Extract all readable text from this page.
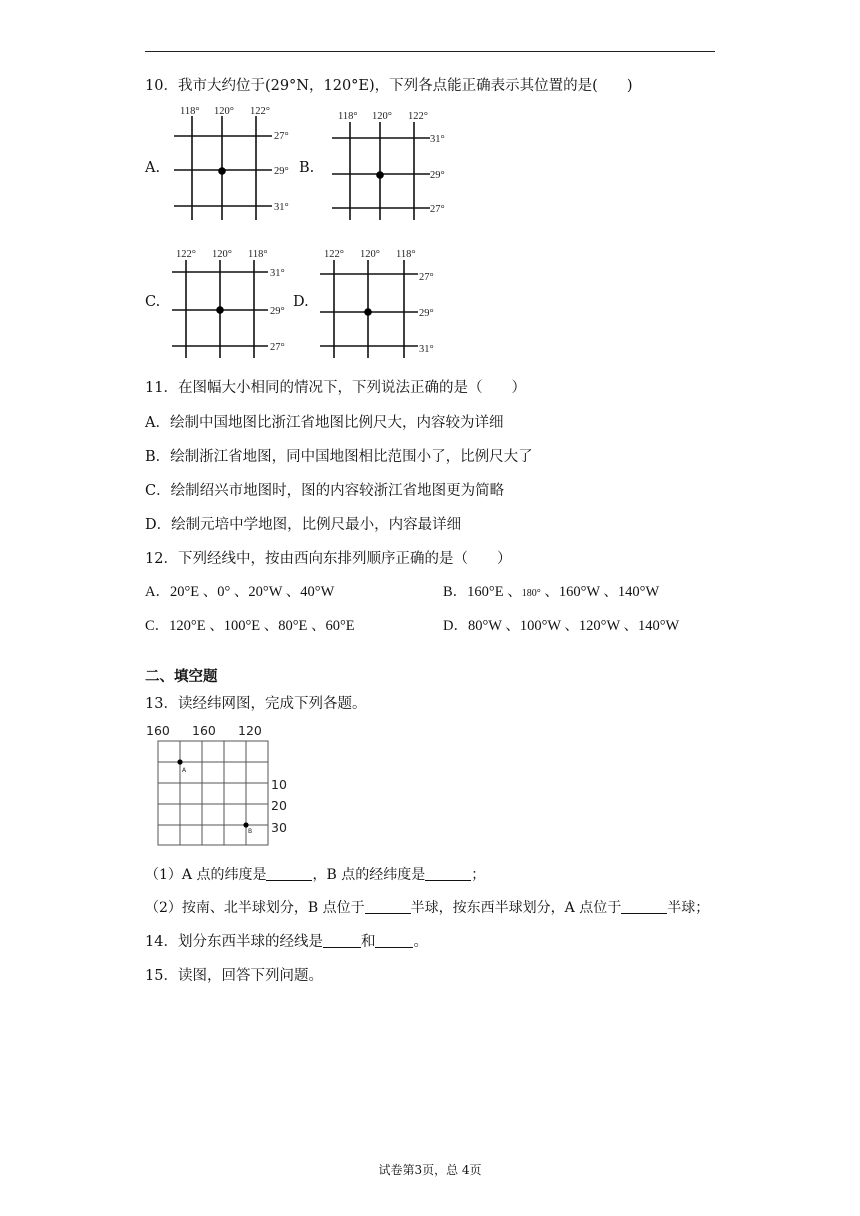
10．我市大约位于(29°N，120°E)，下列各点能正确表示其位置的是(　　)
A.
118° 120° 122°
27°
29°
31°
B.
118° 120° 122°
31°
29°
27°
C.
122° 120° 118°
31°
29°
27°
D.
122° 120° 118°
27°
29°
31°
11．在图幅大小相同的情况下，下列说法正确的是（　　）
A．绘制中国地图比浙江省地图比例尺大，内容较为详细
B．绘制浙江省地图，同中国地图相比范围小了，比例尺大了
C．绘制绍兴市地图时，图的内容较浙江省地图更为简略
D．绘制元培中学地图，比例尺最小，内容最详细
12．下列经线中，按由西向东排列顺序正确的是（　　）
A．20°E 、0° 、20°W 、40°W	B．160°E 、180° 、160°W 、140°W
C．120°E 、100°E 、80°E 、60°E	D．80°W 、100°W 、120°W 、140°W
二、填空题
13．读经纬网图，完成下列各题。
160 160 120
A
B
10
20
30
（1）A 点的纬度是	，B 点的经纬度是	；
（2）按南、北半球划分，B 点位于	半球，按东西半球划分，A 点位于	半球；
14．划分东西半球的经线是	和	。
15．读图，回答下列问题。
试卷第3页，总 4页
